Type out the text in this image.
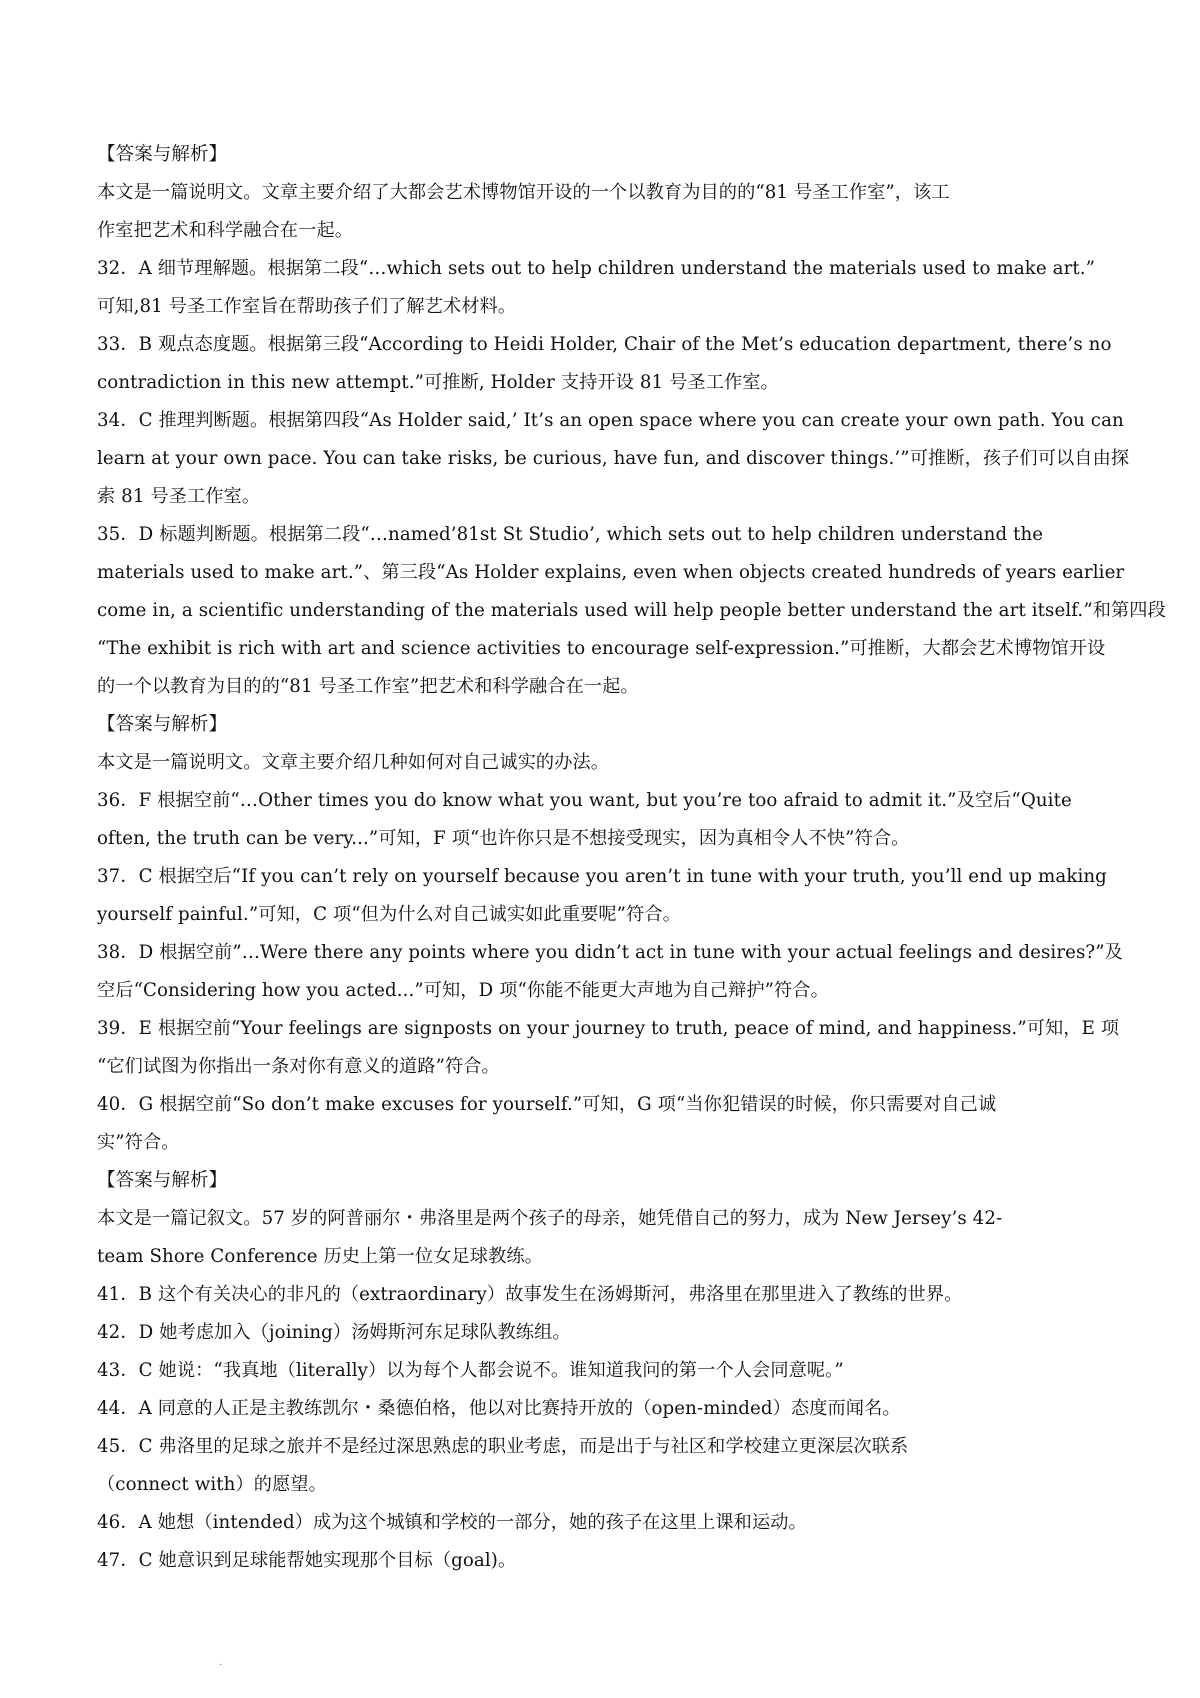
【答案与解析】
本文是一篇说明文。文章主要介绍了大都会艺术博物馆开设的一个以教育为目的的“81 号圣工作室”，该工
作室把艺术和科学融合在一起。
32．A 细节理解题。根据第二段“…which sets out to help children understand the materials used to make art.”
可知,81 号圣工作室旨在帮助孩子们了解艺术材料。
33．B 观点态度题。根据第三段“According to Heidi Holder, Chair of the Met’s education department, there’s no
contradiction in this new attempt.”可推断, Holder 支持开设 81 号圣工作室。
34．C 推理判断题。根据第四段“As Holder said,’ It’s an open space where you can create your own path. You can
learn at your own pace. You can take risks, be curious, have fun, and discover things.’”可推断，孩子们可以自由探
索 81 号圣工作室。
35．D 标题判断题。根据第二段“…named’81st St Studio’, which sets out to help children understand the
materials used to make art.”、第三段“As Holder explains, even when objects created hundreds of years earlier
come in, a scientific understanding of the materials used will help people better understand the art itself.”和第四段
“The exhibit is rich with art and science activities to encourage self-expression.”可推断，大都会艺术博物馆开设
的一个以教育为目的的“81 号圣工作室”把艺术和科学融合在一起。
【答案与解析】
本文是一篇说明文。文章主要介绍几种如何对自己诚实的办法。
36．F 根据空前“…Other times you do know what you want, but you’re too afraid to admit it.”及空后“Quite
often, the truth can be very...”可知，F 项“也许你只是不想接受现实，因为真相令人不快”符合。
37．C 根据空后“If you can’t rely on yourself because you aren’t in tune with your truth, you’ll end up making
yourself painful.”可知，C 项“但为什么对自己诚实如此重要呢”符合。
38．D 根据空前”…Were there any points where you didn’t act in tune with your actual feelings and desires?”及
空后“Considering how you acted...”可知，D 项“你能不能更大声地为自己辩护”符合。
39．E 根据空前“Your feelings are signposts on your journey to truth, peace of mind, and happiness.”可知，E 项
“它们试图为你指出一条对你有意义的道路”符合。
40．G 根据空前“So don’t make excuses for yourself.”可知，G 项“当你犯错误的时候，你只需要对自己诚
实”符合。
【答案与解析】
本文是一篇记叙文。57 岁的阿普丽尔・弗洛里是两个孩子的母亲，她凭借自己的努力，成为 New Jersey’s 42-
team Shore Conference 历史上第一位女足球教练。
41．B 这个有关决心的非凡的（extraordinary）故事发生在汤姆斯河，弗洛里在那里进入了教练的世界。
42．D 她考虑加入（joining）汤姆斯河东足球队教练组。
43．C 她说：“我真地（literally）以为每个人都会说不。谁知道我问的第一个人会同意呢。”
44．A 同意的人正是主教练凯尔・桑德伯格，他以对比赛持开放的（open-minded）态度而闻名。
45．C 弗洛里的足球之旅并不是经过深思熟虑的职业考虑，而是出于与社区和学校建立更深层次联系
（connect with）的愿望。
46．A 她想（intended）成为这个城镇和学校的一部分，她的孩子在这里上课和运动。
47．C 她意识到足球能帮她实现那个目标（goal)。
·
